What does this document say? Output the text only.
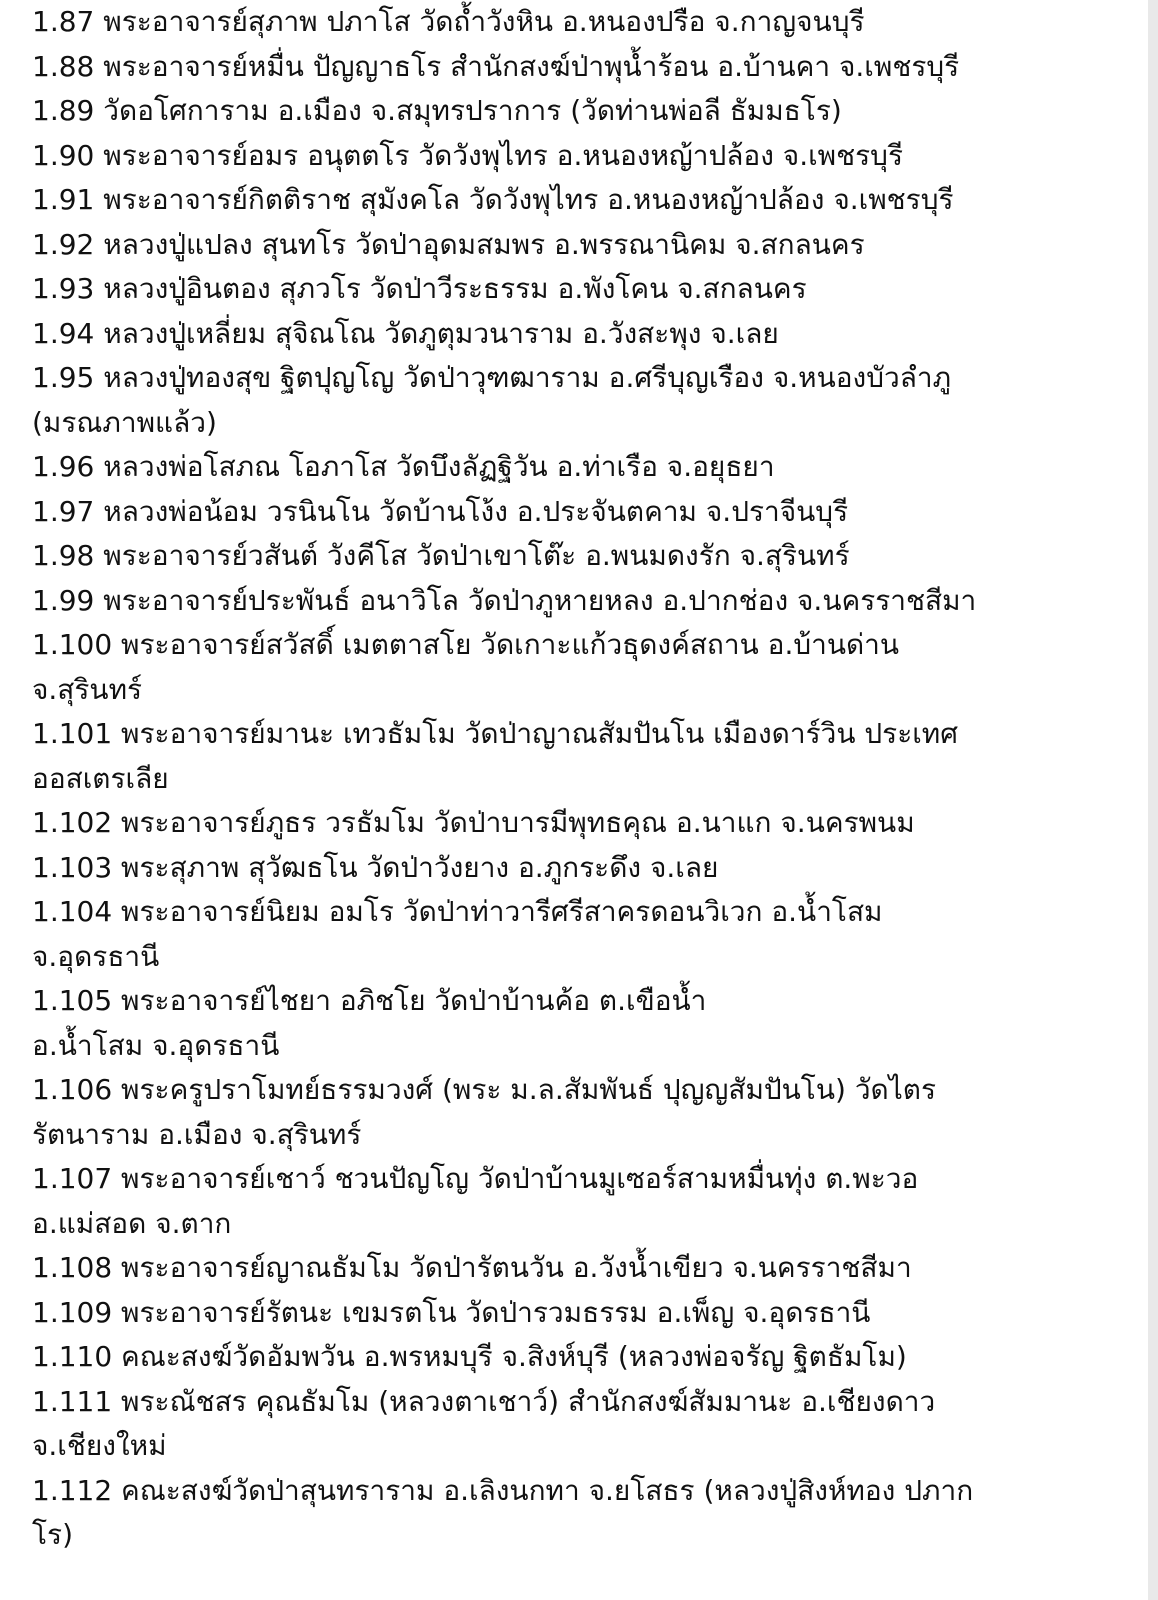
1.87 พระอาจารย์สุภาพ ปภาโส วัดถ้ำวังหิน อ.หนองปรือ จ.กาญจนบุรี
1.88 พระอาจารย์หมื่น ปัญญาธโร สำนักสงฆ์ป่าพุน้ำร้อน อ.บ้านคา จ.เพชรบุรี
1.89 วัดอโศการาม อ.เมือง จ.สมุทรปราการ (วัดท่านพ่อลี ธัมมธโร)
1.90 พระอาจารย์อมร อนุตตโร วัดวังพุไทร อ.หนองหญ้าปล้อง จ.เพชรบุรี
1.91 พระอาจารย์กิตติราช สุมังคโล วัดวังพุไทร อ.หนองหญ้าปล้อง จ.เพชรบุรี
1.92 หลวงปู่แปลง สุนทโร วัดป่าอุดมสมพร อ.พรรณานิคม จ.สกลนคร
1.93 หลวงปู่อินตอง สุภวโร วัดป่าวีระธรรม อ.พังโคน จ.สกลนคร
1.94 หลวงปู่เหลี่ยม สุจิณโณ วัดภูตุมวนาราม อ.วังสะพุง จ.เลย
1.95 หลวงปู่ทองสุข ฐิตปุญโญ วัดป่าวุฑฒาราม อ.ศรีบุญเรือง จ.หนองบัวลำภู
(มรณภาพแล้ว)
1.96 หลวงพ่อโสภณ โอภาโส วัดบึงลัฏฐิวัน อ.ท่าเรือ จ.อยุธยา
1.97 หลวงพ่อน้อม วรนินโน วัดบ้านโง้ง อ.ประจันตคาม จ.ปราจีนบุรี
1.98 พระอาจารย์วสันต์ วังคีโส วัดป่าเขาโต๊ะ อ.พนมดงรัก จ.สุรินทร์
1.99 พระอาจารย์ประพันธ์ อนาวิโล วัดป่าภูหายหลง อ.ปากช่อง จ.นครราชสีมา
1.100 พระอาจารย์สวัสดิ์ เมตตาสโย วัดเกาะแก้วธุดงค์สถาน อ.บ้านด่าน
จ.สุรินทร์
1.101 พระอาจารย์มานะ เทวธัมโม วัดป่าญาณสัมปันโน เมืองดาร์วิน ประเทศ
ออสเตรเลีย
1.102 พระอาจารย์ภูธร วรธัมโม วัดป่าบารมีพุทธคุณ อ.นาแก จ.นครพนม
1.103 พระสุภาพ สุวัฒธโน วัดป่าวังยาง อ.ภูกระดึง จ.เลย
1.104 พระอาจารย์นิยม อมโร วัดป่าท่าวารีศรีสาครดอนวิเวก อ.น้ำโสม
จ.อุดรธานี
1.105 พระอาจารย์ไชยา อภิชโย วัดป่าบ้านค้อ ต.เขือน้ำ
อ.น้ำโสม จ.อุดรธานี
1.106 พระครูปราโมทย์ธรรมวงศ์ (พระ ม.ล.สัมพันธ์ ปุญญสัมปันโน) วัดไตร
รัตนาราม อ.เมือง จ.สุรินทร์
1.107 พระอาจารย์เชาว์ ชวนปัญโญ วัดป่าบ้านมูเซอร์สามหมื่นทุ่ง ต.พะวอ
อ.แม่สอด จ.ตาก
1.108 พระอาจารย์ญาณธัมโม วัดป่ารัตนวัน อ.วังน้ำเขียว จ.นครราชสีมา
1.109 พระอาจารย์รัตนะ เขมรตโน วัดป่ารวมธรรม อ.เพ็ญ จ.อุดรธานี
1.110 คณะสงฆ์วัดอัมพวัน อ.พรหมบุรี จ.สิงห์บุรี (หลวงพ่อจรัญ ฐิตธัมโม)
1.111 พระณัชสร คุณธัมโม (หลวงตาเชาว์) สำนักสงฆ์สัมมานะ อ.เชียงดาว
จ.เชียงใหม่
1.112 คณะสงฆ์วัดป่าสุนทราราม อ.เลิงนกทา จ.ยโสธร (หลวงปู่สิงห์ทอง ปภาก
โร)
